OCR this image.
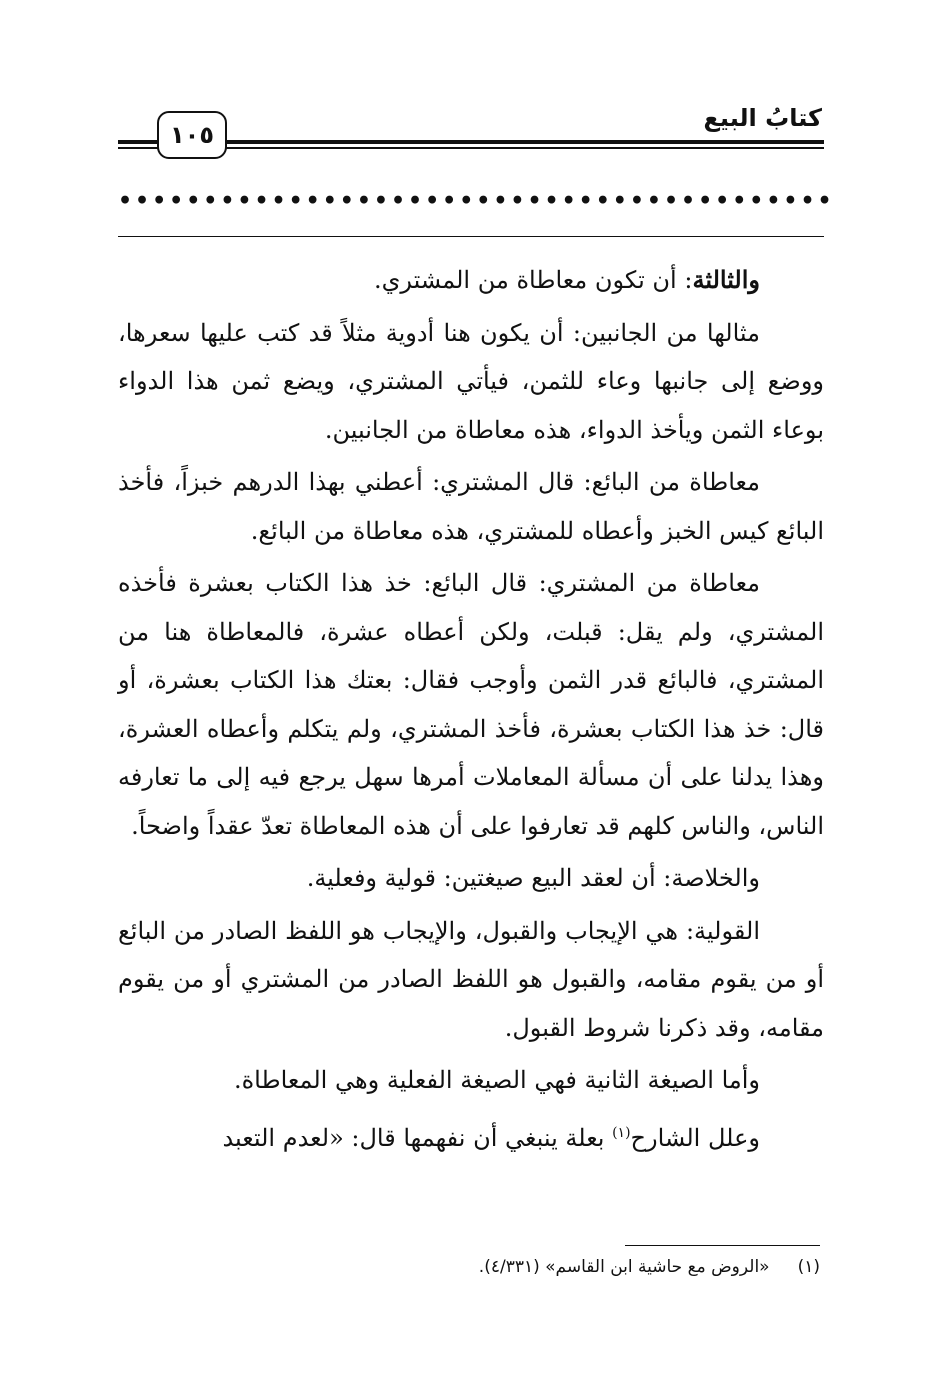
كتابُ البيع
١٠٥
••••••••••••••••••••••••••••••••••••••••••

والثالثة: أن تكون معاطاة من المشتري.

مثالها من الجانبين: أن يكون هنا أدوية مثلاً قد كتب عليها سعرها، ووضع إلى جانبها وعاء للثمن، فيأتي المشتري، ويضع ثمن هذا الدواء بوعاء الثمن ويأخذ الدواء، هذه معاطاة من الجانبين.

معاطاة من البائع: قال المشتري: أعطني بهذا الدرهم خبزاً، فأخذ البائع كيس الخبز وأعطاه للمشتري، هذه معاطاة من البائع.

معاطاة من المشتري: قال البائع: خذ هذا الكتاب بعشرة فأخذه المشتري، ولم يقل: قبلت، ولكن أعطاه عشرة، فالمعاطاة هنا من المشتري، فالبائع قدر الثمن وأوجب فقال: بعتك هذا الكتاب بعشرة، أو قال: خذ هذا الكتاب بعشرة، فأخذ المشتري، ولم يتكلم وأعطاه العشرة، وهذا يدلنا على أن مسألة المعاملات أمرها سهل يرجع فيه إلى ما تعارفه الناس، والناس كلهم قد تعارفوا على أن هذه المعاطاة تعدّ عقداً واضحاً.

والخلاصة: أن لعقد البيع صيغتين: قولية وفعلية.

القولية: هي الإيجاب والقبول، والإيجاب هو اللفظ الصادر من البائع أو من يقوم مقامه، والقبول هو اللفظ الصادر من المشتري أو من يقوم مقامه، وقد ذكرنا شروط القبول.

وأما الصيغة الثانية فهي الصيغة الفعلية وهي المعاطاة.

وعلل الشارح$^{(١)}$ بعلة ينبغي أن نفهمها قال: «لعدم التعبد

(١)«الروض مع حاشية ابن القاسم» (٤/٣٣١).
